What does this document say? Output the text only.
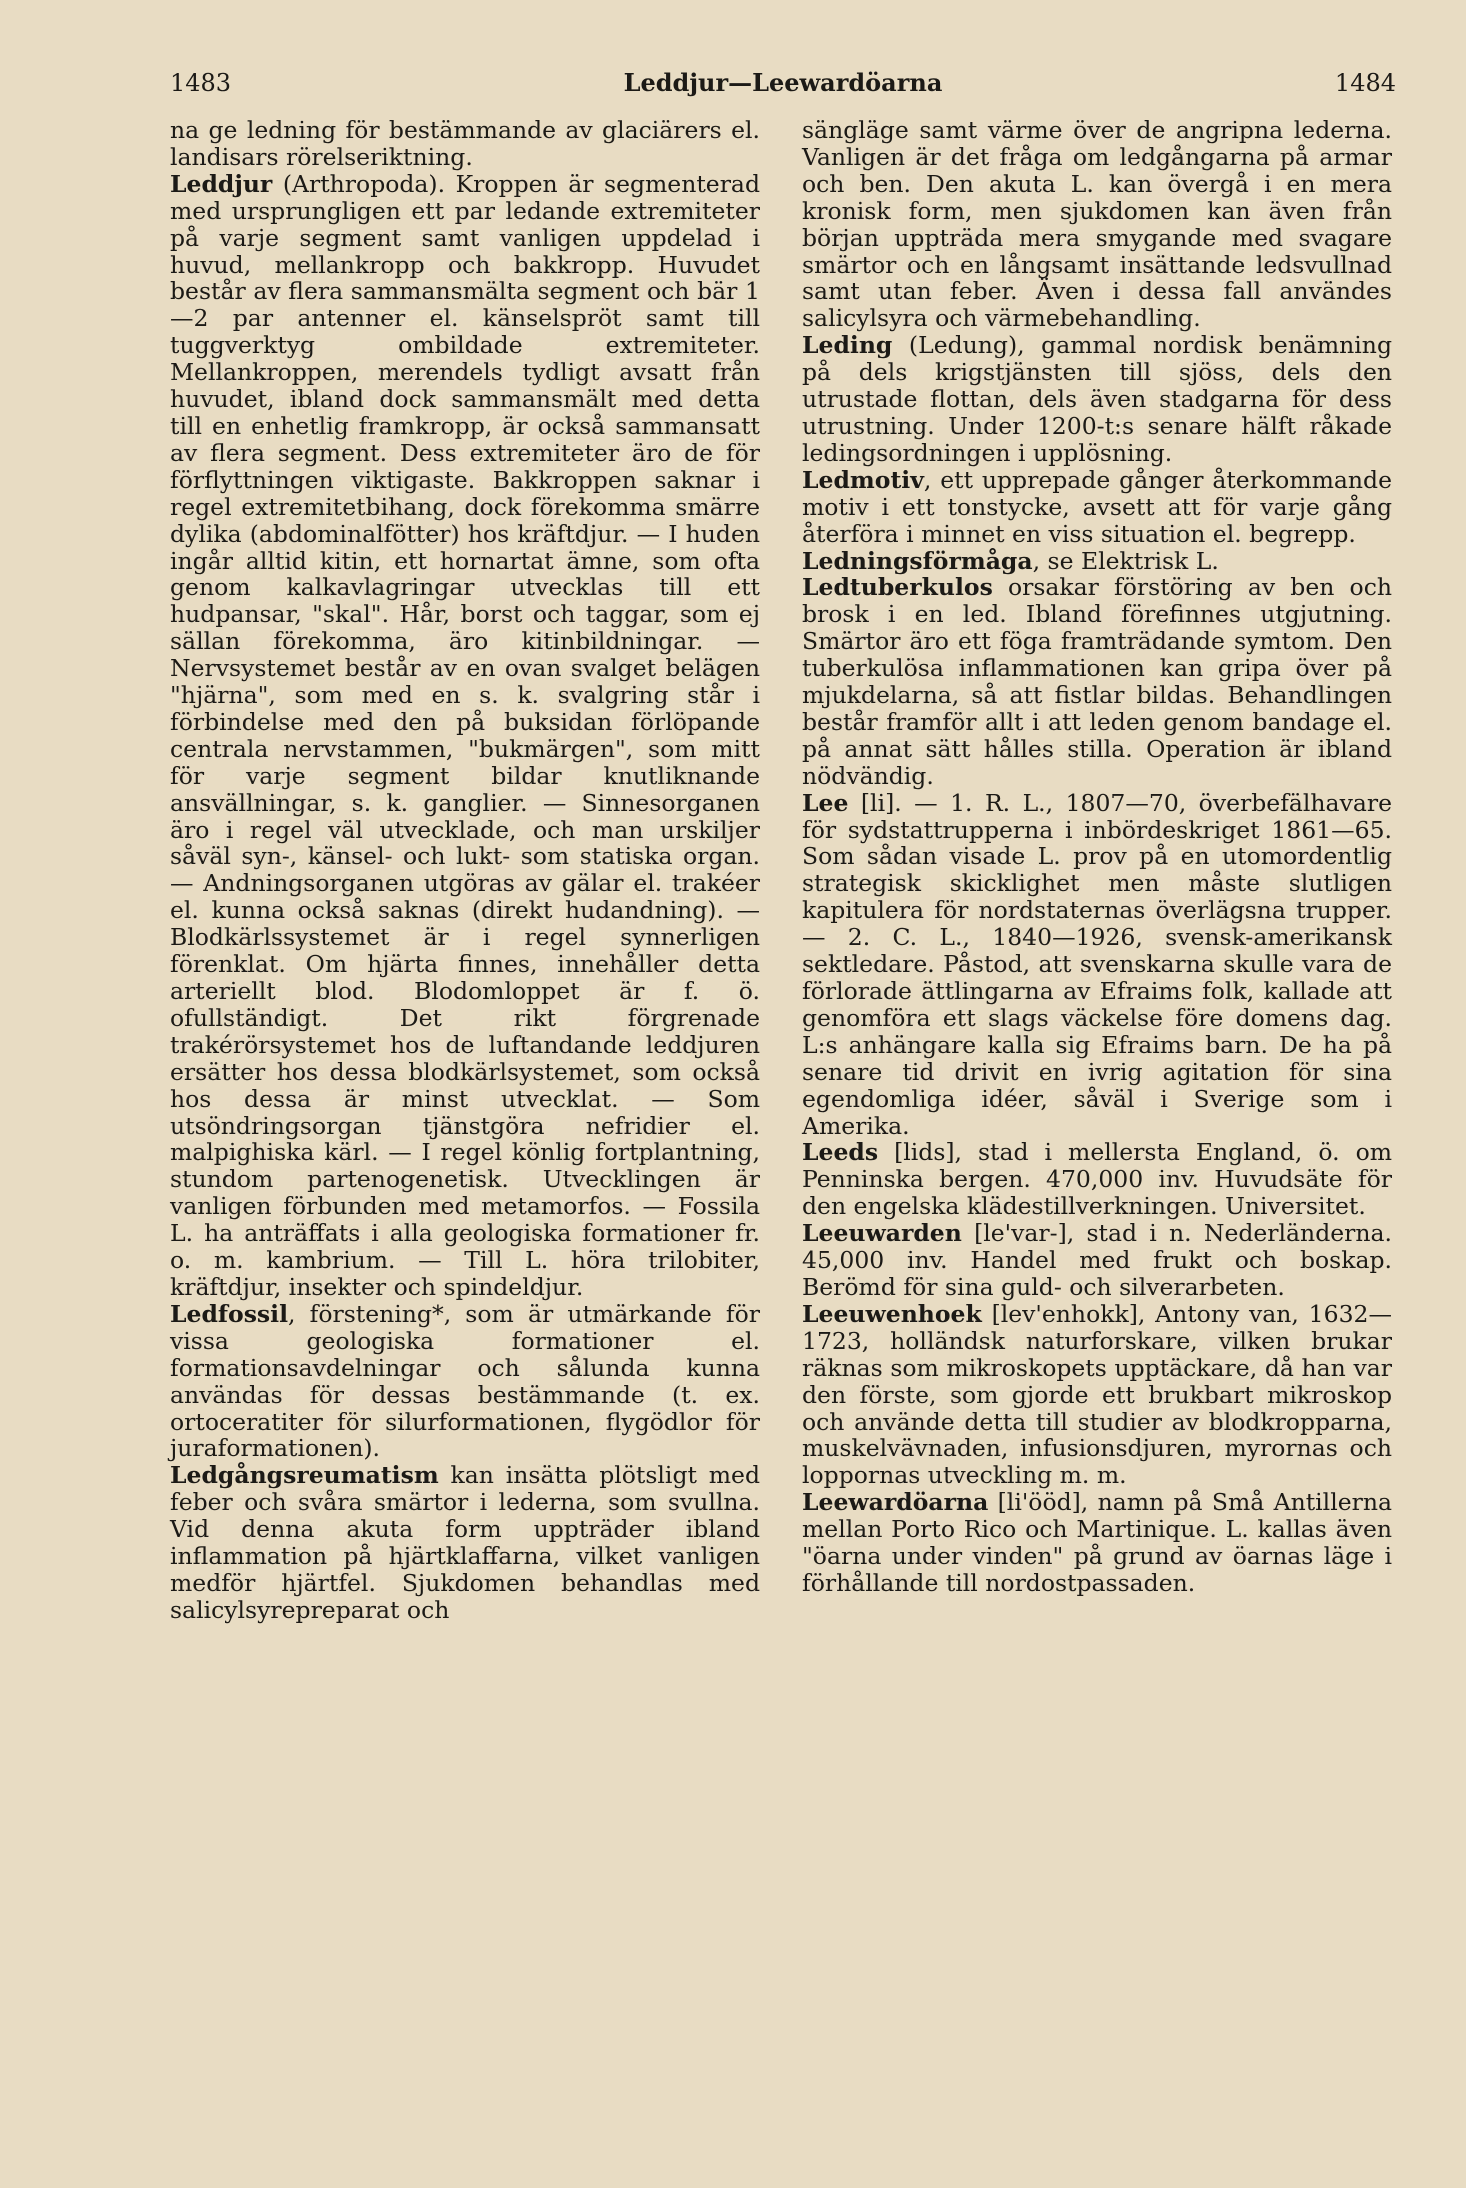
1483	Leddjur—Leewardöarna	1484

na ge ledning för bestämmande av glaciärers el. landisars rörelseriktning.

Leddjur (Arthropoda). Kroppen är segmenterad med ursprungligen ett par ledande extremiteter på varje segment samt vanligen uppdelad i huvud, mellankropp och bakkropp. Huvudet består av flera sammansmälta segment och bär 1—2 par antenner el. känselspröt samt till tuggverktyg ombildade extremiteter. Mellankroppen, merendels tydligt avsatt från huvudet, ibland dock sammansmält med detta till en enhetlig framkropp, är också sammansatt av flera segment. Dess extremiteter äro de för förflyttningen viktigaste. Bakkroppen saknar i regel extremitetbihang, dock förekomma smärre dylika (abdominalfötter) hos kräftdjur. — I huden ingår alltid kitin, ett hornartat ämne, som ofta genom kalkavlagringar utvecklas till ett hudpansar, "skal". Hår, borst och taggar, som ej sällan förekomma, äro kitinbildningar. — Nervsystemet består av en ovan svalget belägen "hjärna", som med en s. k. svalgring står i förbindelse med den på buksidan förlöpande centrala nervstammen, "bukmärgen", som mitt för varje segment bildar knutliknande ansvällningar, s. k. ganglier. — Sinnesorganen äro i regel väl utvecklade, och man urskiljer såväl syn-, känsel- och lukt- som statiska organ. — Andningsorganen utgöras av gälar el. trakéer el. kunna också saknas (direkt hudandning). — Blodkärlssystemet är i regel synnerligen förenklat. Om hjärta finnes, innehåller detta arteriellt blod. Blodomloppet är f. ö. ofullständigt. Det rikt förgrenade trakérörsystemet hos de luftandande leddjuren ersätter hos dessa blodkärlsystemet, som också hos dessa är minst utvecklat. — Som utsöndringsorgan tjänstgöra nefridier el. malpighiska kärl. — I regel könlig fortplantning, stundom partenogenetisk. Utvecklingen är vanligen förbunden med metamorfos. — Fossila L. ha anträffats i alla geologiska formationer fr. o. m. kambrium. — Till L. höra trilobiter, kräftdjur, insekter och spindeldjur.

Ledfossil, förstening*, som är utmärkande för vissa geologiska formationer el. formationsavdelningar och sålunda kunna användas för dessas bestämmande (t. ex. ortoceratiter för silurformationen, flygödlor för juraformationen).

Ledgångsreumatism kan insätta plötsligt med feber och svåra smärtor i lederna, som svullna. Vid denna akuta form uppträder ibland inflammation på hjärtklaffarna, vilket vanligen medför hjärtfel. Sjukdomen behandlas med salicylsyrepreparat och

sängläge samt värme över de angripna lederna. Vanligen är det fråga om ledgångarna på armar och ben. Den akuta L. kan övergå i en mera kronisk form, men sjukdomen kan även från början uppträda mera smygande med svagare smärtor och en långsamt insättande ledsvullnad samt utan feber. Även i dessa fall användes salicylsyra och värmebehandling.

Leding (Ledung), gammal nordisk benämning på dels krigstjänsten till sjöss, dels den utrustade flottan, dels även stadgarna för dess utrustning. Under 1200-t:s senare hälft råkade ledingsordningen i upplösning.

Ledmotiv, ett upprepade gånger återkommande motiv i ett tonstycke, avsett att för varje gång återföra i minnet en viss situation el. begrepp.

Ledningsförmåga, se Elektrisk L.

Ledtuberkulos orsakar förstöring av ben och brosk i en led. Ibland förefinnes utgjutning. Smärtor äro ett föga framträdande symtom. Den tuberkulösa inflammationen kan gripa över på mjukdelarna, så att fistlar bildas. Behandlingen består framför allt i att leden genom bandage el. på annat sätt hålles stilla. Operation är ibland nödvändig.

Lee [li]. — 1. R. L., 1807—70, överbefälhavare för sydstattrupperna i inbördeskriget 1861—65. Som sådan visade L. prov på en utomordentlig strategisk skicklighet men måste slutligen kapitulera för nordstaternas överlägsna trupper. — 2. C. L., 1840—1926, svensk-amerikansk sektledare. Påstod, att svenskarna skulle vara de förlorade ättlingarna av Efraims folk, kallade att genomföra ett slags väckelse före domens dag. L:s anhängare kalla sig Efraims barn. De ha på senare tid drivit en ivrig agitation för sina egendomliga idéer, såväl i Sverige som i Amerika.

Leeds [lids], stad i mellersta England, ö. om Penninska bergen. 470,000 inv. Huvudsäte för den engelska klädestillverkningen. Universitet.

Leeuwarden [le'var-], stad i n. Nederländerna. 45,000 inv. Handel med frukt och boskap. Berömd för sina guld- och silverarbeten.

Leeuwenhoek [lev'enhokk], Antony van, 1632—1723, holländsk naturforskare, vilken brukar räknas som mikroskopets upptäckare, då han var den förste, som gjorde ett brukbart mikroskop och använde detta till studier av blodkropparna, muskelvävnaden, infusionsdjuren, myrornas och loppornas utveckling m. m.

Leewardöarna [li'ööd], namn på Små Antillerna mellan Porto Rico och Martinique. L. kallas även "öarna under vinden" på grund av öarnas läge i förhållande till nordostpassaden.
